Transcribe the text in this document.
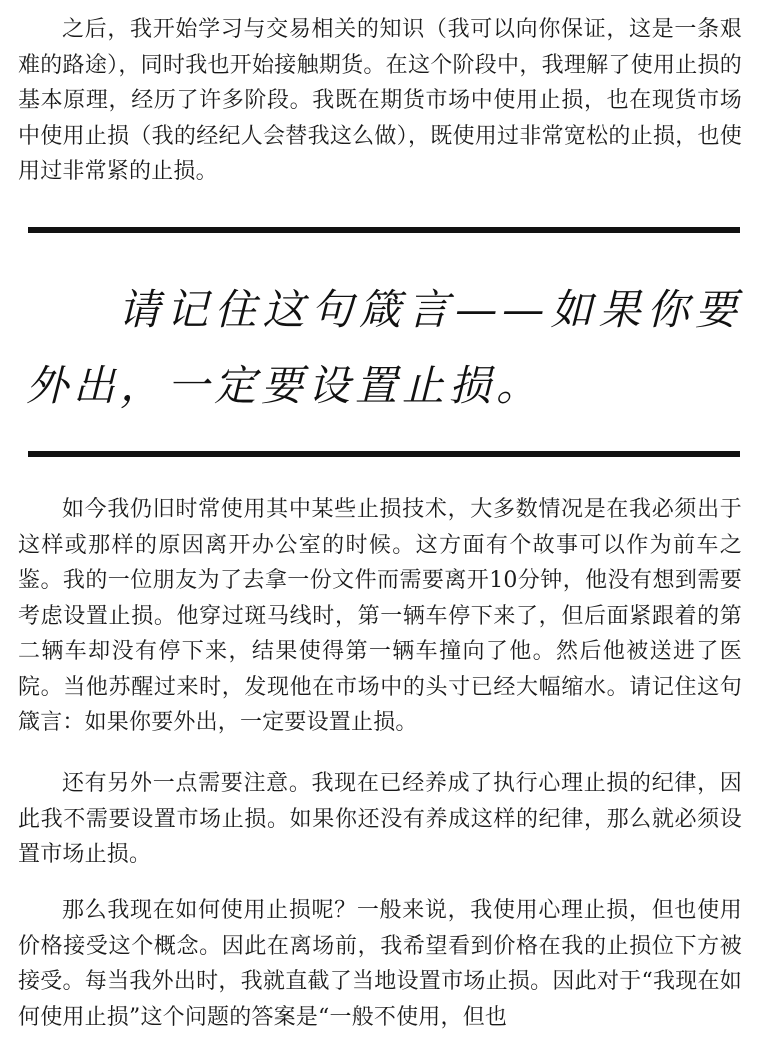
之后，我开始学习与交易相关的知识（我可以向你保证，这是一条艰难的路途），同时我也开始接触期货。在这个阶段中，我理解了使用止损的基本原理，经历了许多阶段。我既在期货市场中使用止损，也在现货市场中使用止损（我的经纪人会替我这么做），既使用过非常宽松的止损，也使用过非常紧的止损。

请记住这句箴言——如果你要外出，一定要设置止损。

如今我仍旧时常使用其中某些止损技术，大多数情况是在我必须出于这样或那样的原因离开办公室的时候。这方面有个故事可以作为前车之鉴。我的一位朋友为了去拿一份文件而需要离开10分钟，他没有想到需要考虑设置止损。他穿过斑马线时，第一辆车停下来了，但后面紧跟着的第二辆车却没有停下来，结果使得第一辆车撞向了他。然后他被送进了医院。当他苏醒过来时，发现他在市场中的头寸已经大幅缩水。请记住这句箴言：如果你要外出，一定要设置止损。

还有另外一点需要注意。我现在已经养成了执行心理止损的纪律，因此我不需要设置市场止损。如果你还没有养成这样的纪律，那么就必须设置市场止损。

那么我现在如何使用止损呢？一般来说，我使用心理止损，但也使用价格接受这个概念。因此在离场前，我希望看到价格在我的止损位下方被接受。每当我外出时，我就直截了当地设置市场止损。因此对于“我现在如何使用止损”这个问题的答案是“一般不使用，但也
